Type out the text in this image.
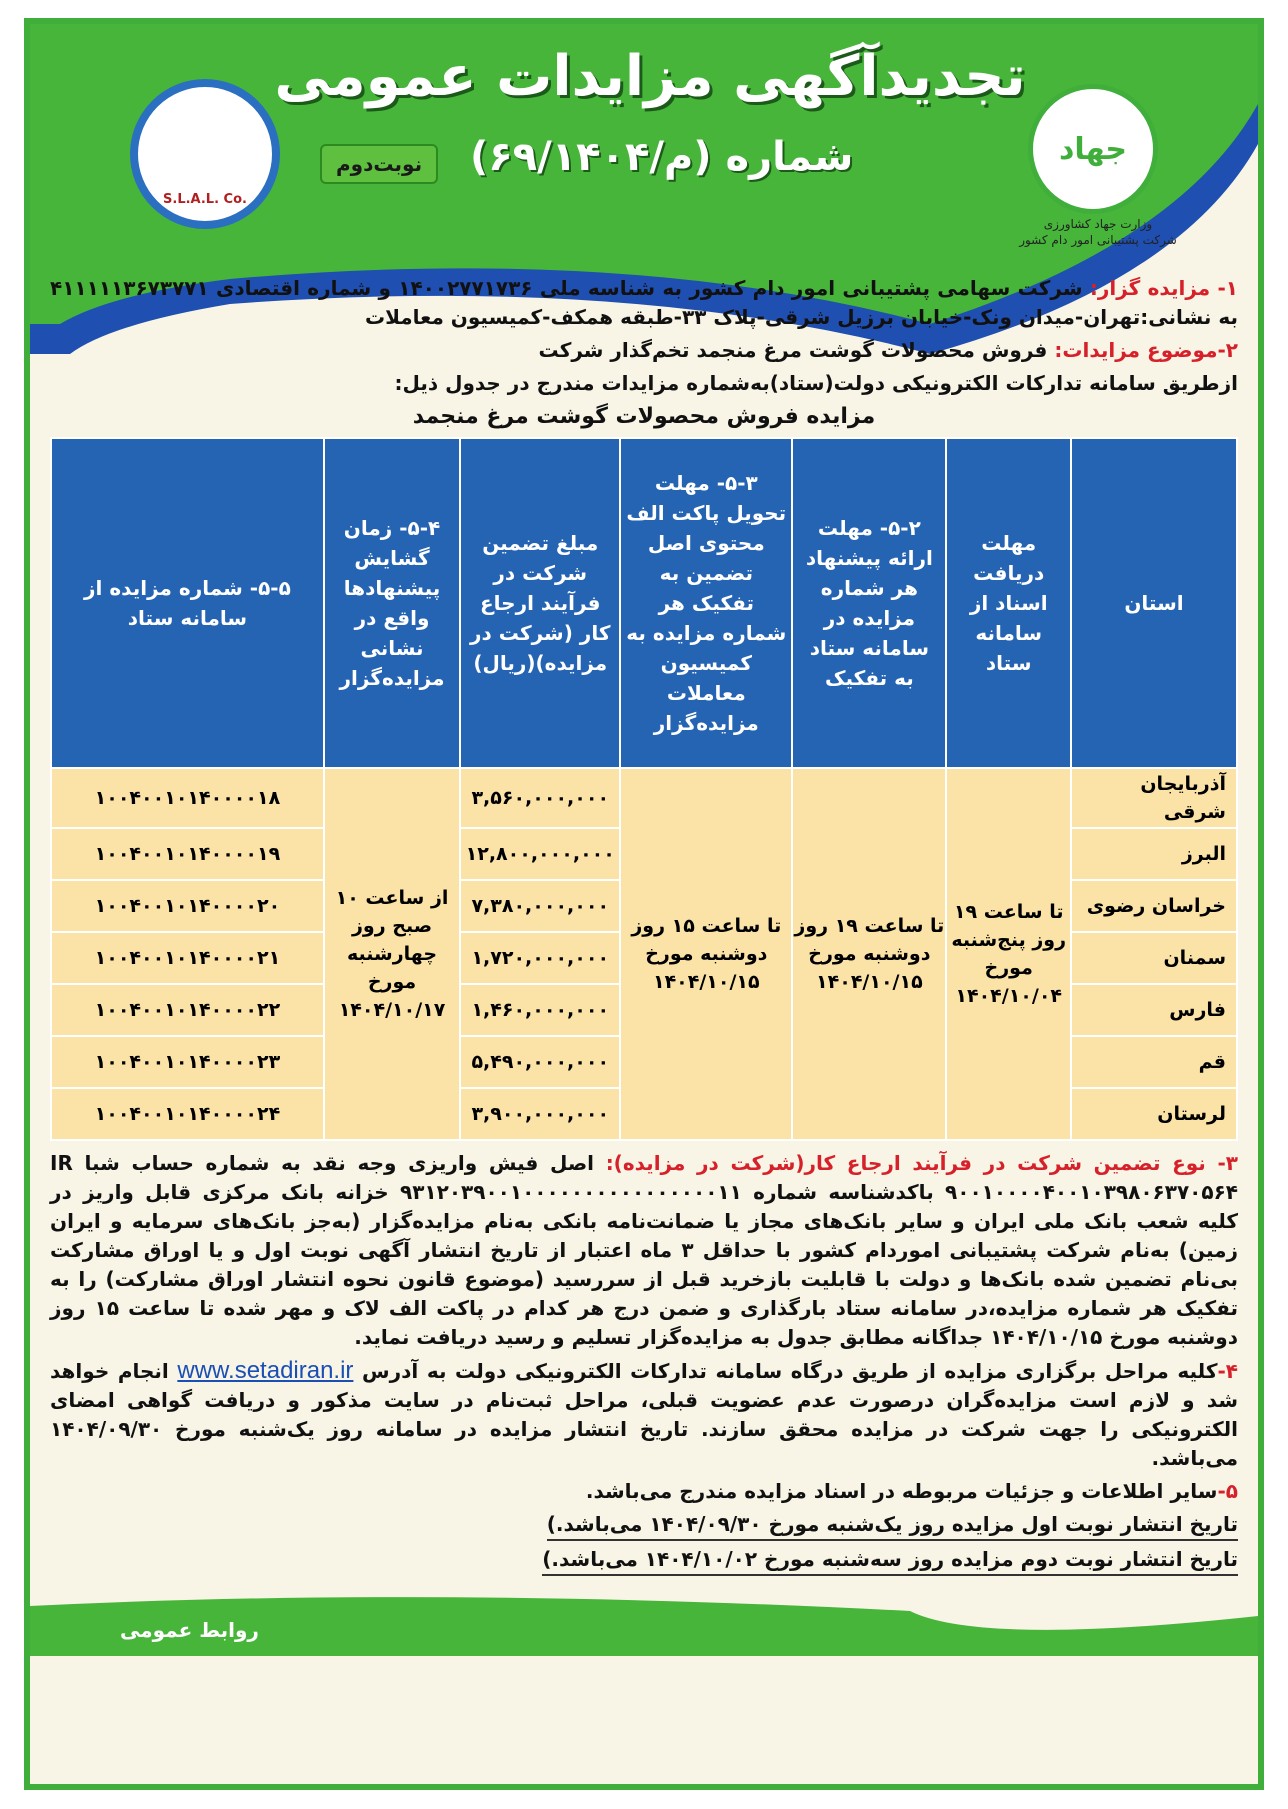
تجدیدآگهی مزایدات عمومی
شماره (م/۶۹/۱۴۰۴)
نوبت‌دوم
S.L.A.L. Co.
جهاد
وزارت جهاد کشاورزی
شرکت پشتیبانی امور دام کشور
۱- مزایده گزار: شرکت سهامی پشتیبانی امور دام کشور به شناسه ملی ۱۴۰۰۲۷۷۱۷۳۶ و شماره اقتصادی ۴۱۱۱۱۱۳۶۷۳۷۷۱ به نشانی:تهران-میدان ونک-خیابان برزیل شرقی-پلاک ۳۳-طبقه همکف-کمیسیون معاملات
۲-موضوع مزایدات: فروش محصولات گوشت مرغ منجمد تخم‌گذار شرکت
ازطریق سامانه تدارکات الکترونیکی دولت(ستاد)به‌شماره مزایدات مندرج در جدول ذیل:
مزایده فروش محصولات گوشت مرغ منجمد
استان	مهلت دریافت اسناد از سامانه ستاد	۵-۲- مهلت ارائه پیشنهاد هر شماره مزایده در سامانه ستاد به تفکیک	۵-۳- مهلت تحویل پاکت الف محتوی اصل تضمین به تفکیک هر شماره مزایده به کمیسیون معاملات مزایده‌گزار	مبلغ تضمین شرکت در فرآیند ارجاع کار (شرکت در مزایده)(ریال)	۵-۴- زمان گشایش پیشنهادها واقع در نشانی مزایده‌گزار	۵-۵- شماره مزایده از سامانه ستاد
آذربایجان شرقی	تا ساعت ۱۹ روز پنج‌شنبه مورخ ۱۴۰۴/۱۰/۰۴	تا ساعت ۱۹ روز دوشنبه مورخ ۱۴۰۴/۱۰/۱۵	تا ساعت ۱۵ روز دوشنبه مورخ ۱۴۰۴/۱۰/۱۵	۳,۵۶۰,۰۰۰,۰۰۰	از ساعت ۱۰ صبح روز چهارشنبه مورخ ۱۴۰۴/۱۰/۱۷	۱۰۰۴۰۰۱۰۱۴۰۰۰۰۱۸
البرز				۱۲,۸۰۰,۰۰۰,۰۰۰		۱۰۰۴۰۰۱۰۱۴۰۰۰۰۱۹
خراسان رضوی				۷,۳۸۰,۰۰۰,۰۰۰		۱۰۰۴۰۰۱۰۱۴۰۰۰۰۲۰
سمنان				۱,۷۲۰,۰۰۰,۰۰۰		۱۰۰۴۰۰۱۰۱۴۰۰۰۰۲۱
فارس				۱,۴۶۰,۰۰۰,۰۰۰		۱۰۰۴۰۰۱۰۱۴۰۰۰۰۲۲
قم				۵,۴۹۰,۰۰۰,۰۰۰		۱۰۰۴۰۰۱۰۱۴۰۰۰۰۲۳
لرستان				۳,۹۰۰,۰۰۰,۰۰۰		۱۰۰۴۰۰۱۰۱۴۰۰۰۰۲۴
۳- نوع تضمین شرکت در فرآیند ارجاع کار(شرکت در مزایده): اصل فیش واریزی وجه نقد به شماره حساب شبا IR ۹۰۰۱۰۰۰۰۴۰۰۱۰۳۹۸۰۶۳۷۰۵۶۴ باکدشناسه شماره ۹۳۱۲۰۳۹۰۰۱۰۰۰۰۰۰۰۰۰۰۰۰۰۰۰۰۱۱ خزانه بانک مرکزی قابل واریز در کلیه شعب بانک ملی ایران و سایر بانک‌های مجاز یا ضمانت‌نامه بانکی به‌نام مزایده‌گزار (به‌جز بانک‌های سرمایه و ایران زمین) به‌نام شرکت پشتیبانی اموردام کشور با حداقل ۳ ماه اعتبار از تاریخ انتشار آگهی نوبت اول و یا اوراق مشارکت بی‌نام تضمین شده بانک‌ها و دولت با قابلیت بازخرید قبل از سررسید (موضوع قانون نحوه انتشار اوراق مشارکت) را به تفکیک هر شماره مزایده،در سامانه ستاد بارگذاری و ضمن درج هر کدام در پاکت الف لاک و مهر شده تا ساعت ۱۵ روز دوشنبه مورخ ۱۴۰۴/۱۰/۱۵ جداگانه مطابق جدول به مزایده‌گزار تسلیم و رسید دریافت نماید.
۴-کلیه مراحل برگزاری مزایده از طریق درگاه سامانه تدارکات الکترونیکی دولت به آدرس www.setadiran.ir انجام خواهد شد و لازم است مزایده‌گران درصورت عدم عضویت قبلی، مراحل ثبت‌نام در سایت مذکور و دریافت گواهی امضای الکترونیکی را جهت شرکت در مزایده محقق سازند. تاریخ انتشار مزایده در سامانه روز یک‌شنبه مورخ ۱۴۰۴/۰۹/۳۰ می‌باشد.
۵-سایر اطلاعات و جزئیات مربوطه در اسناد مزایده مندرج می‌باشد.
تاریخ انتشار نوبت اول مزایده روز یک‌شنبه مورخ ۱۴۰۴/۰۹/۳۰ می‌باشد.)
تاریخ انتشار نوبت دوم مزایده روز سه‌شنبه مورخ ۱۴۰۴/۱۰/۰۲ می‌باشد.)
روابط عمومی
